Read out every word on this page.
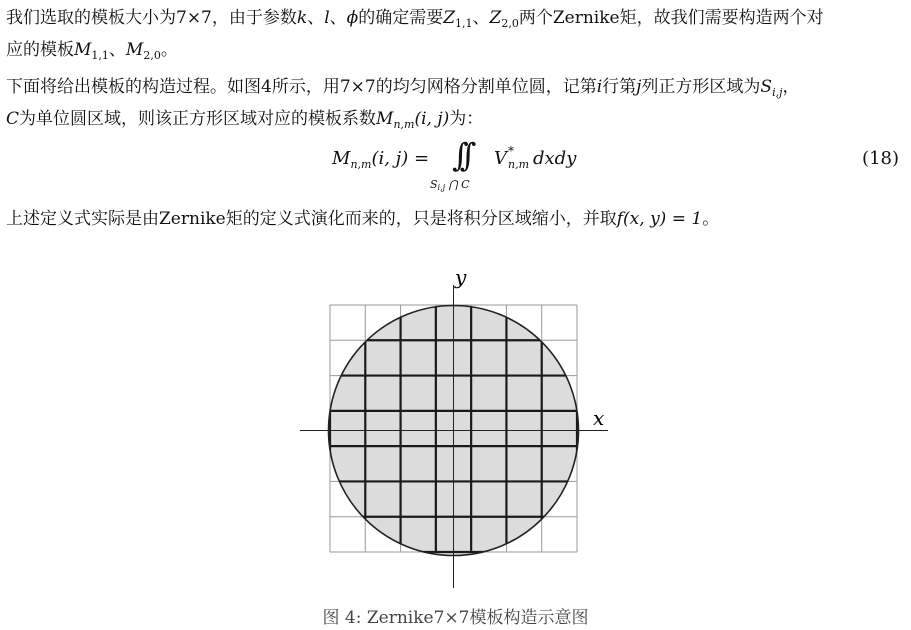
我们选取的模板大小为7×7，由于参数k、l、ϕ的确定需要$Z_{1,1}$、$Z_{2,0}$两个Zernike矩，故我们需要构造两个对
应的模板$M_{1,1}$、$M_{2,0}$。
下面将给出模板的构造过程。如图4所示，用7×7的均匀网格分割单位圆，记第i行第j列正方形区域为$S_{i,j}$，
C为单位圆区域，则该正方形区域对应的模板系数$M_{n,m}(i$, j)为：
$M_{n,m}(i$, j) = ∫∫
$S_{i,j}$ ⋂ C
V *
n,m dxdy	(18)
上述定义式实际是由Zernike矩的定义式演化而来的，只是将积分区域缩小，并取f(x, y) = 1。
x
y
图 4: Zernike7×7模板构造示意图
